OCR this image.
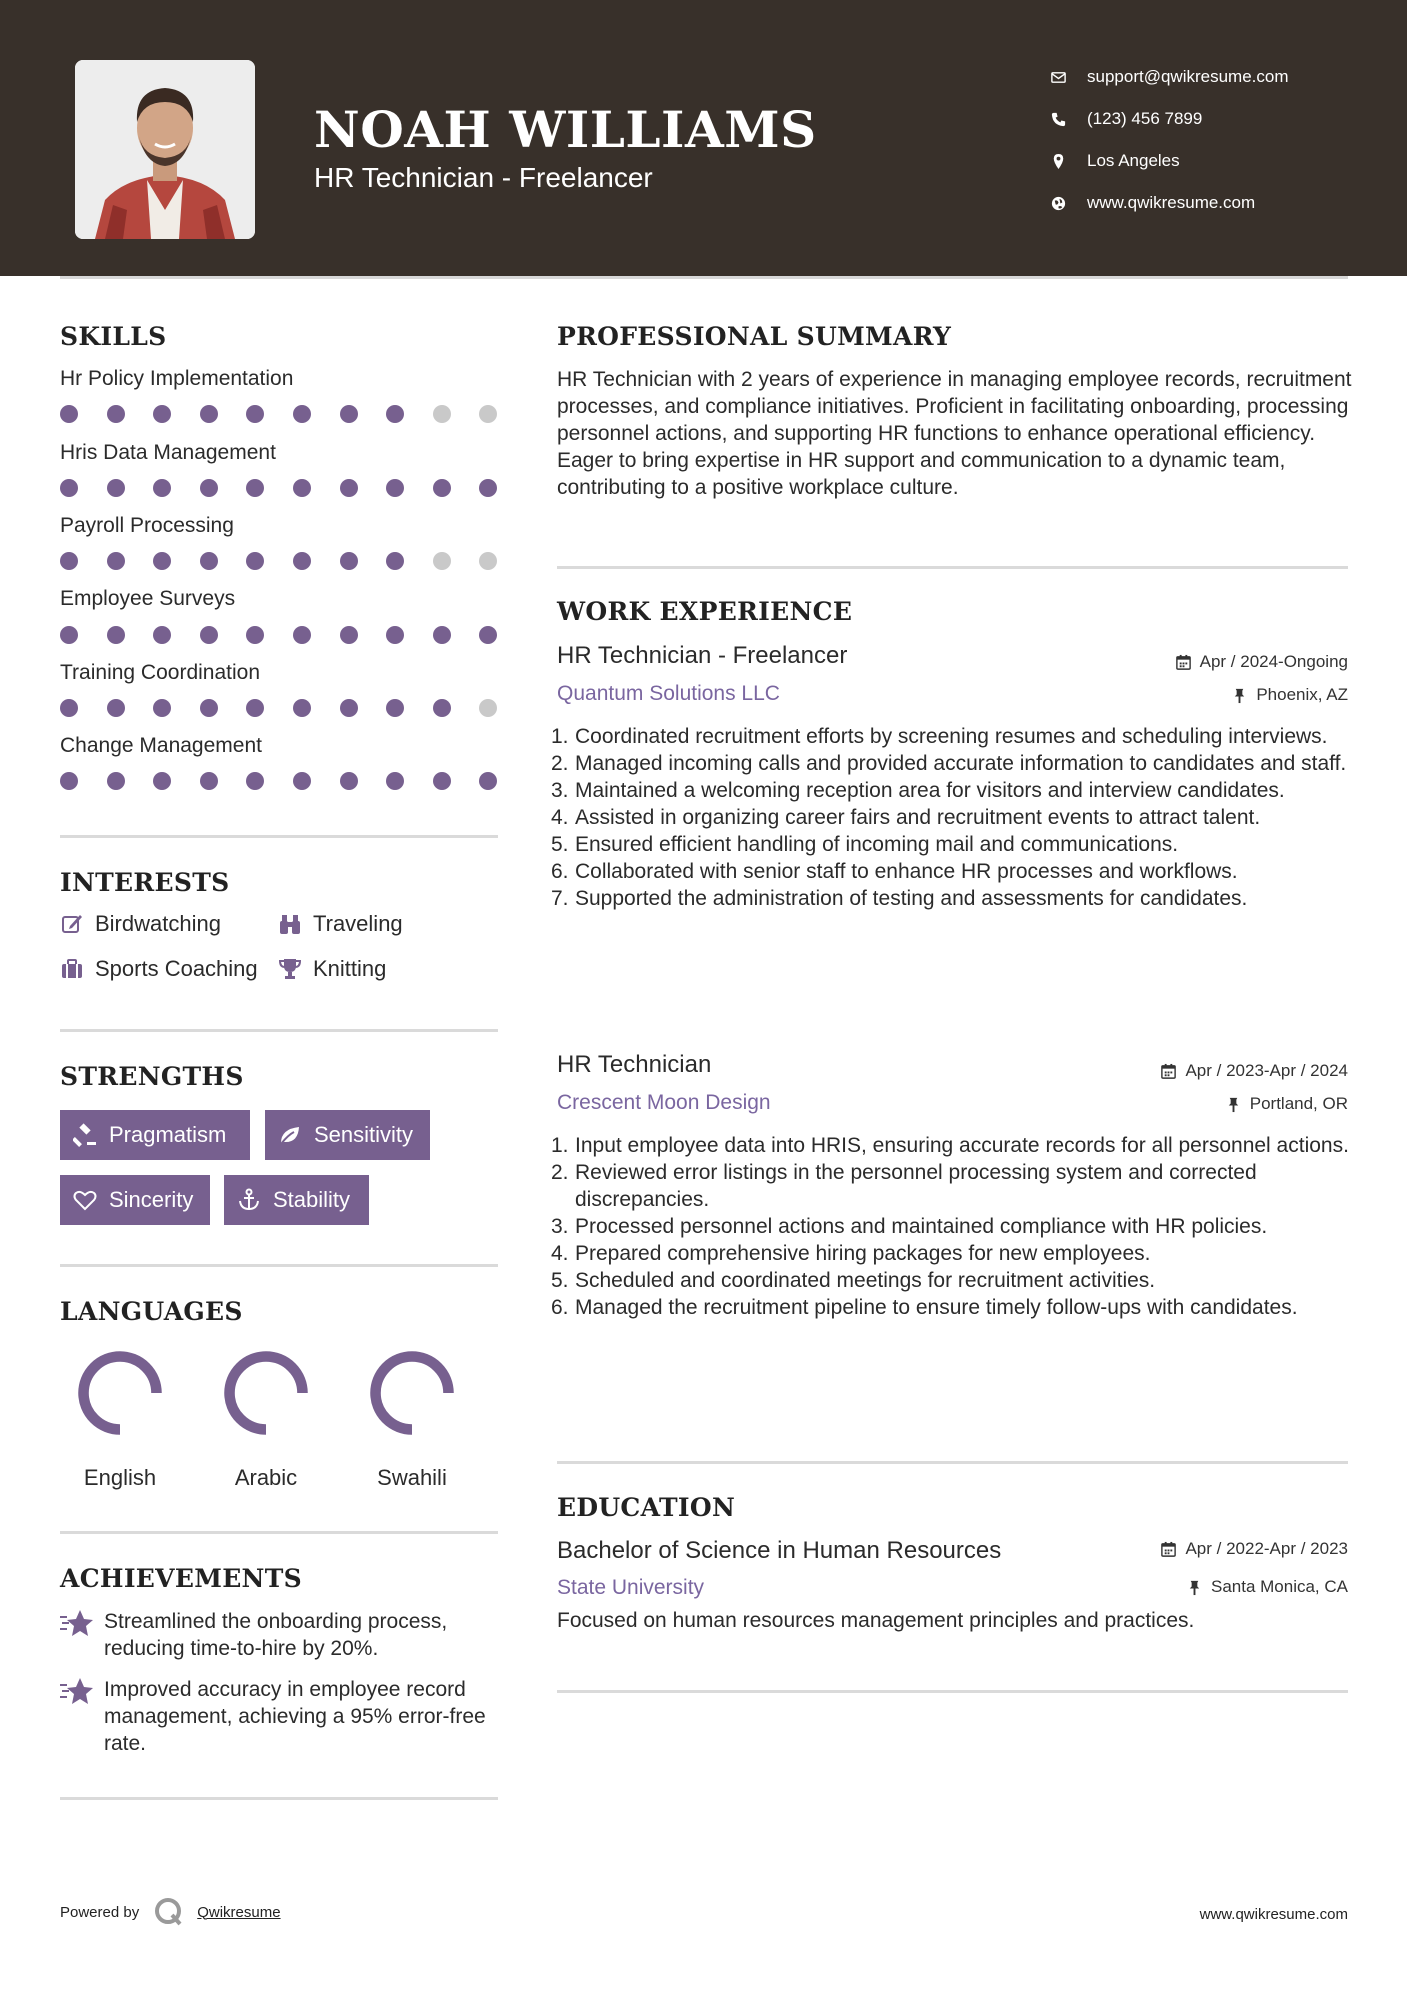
NOAH WILLIAMS
HR Technician - Freelancer
support@qwikresume.com
(123) 456 7899
Los Angeles
www.qwikresume.com
SKILLS
Hr Policy Implementation
Hris Data Management
Payroll Processing
Employee Surveys
Training Coordination
Change Management
INTERESTS
Birdwatching	Traveling
Sports Coaching	Knitting
STRENGTHS
Pragmatism	Sensitivity
Sincerity	Stability
LANGUAGES
English	Arabic	Swahili
ACHIEVEMENTS
Streamlined the onboarding process, reducing time-to-hire by 20%.
Improved accuracy in employee record management, achieving a 95% error-free rate.
PROFESSIONAL SUMMARY
HR Technician with 2 years of experience in managing employee records, recruitment processes, and compliance initiatives. Proficient in facilitating onboarding, processing personnel actions, and supporting HR functions to enhance operational efficiency. Eager to bring expertise in HR support and communication to a dynamic team, contributing to a positive workplace culture.
WORK EXPERIENCE
HR Technician - Freelancer	Apr / 2024-Ongoing
Quantum Solutions LLC	Phoenix, AZ
1. Coordinated recruitment efforts by screening resumes and scheduling interviews.
2. Managed incoming calls and provided accurate information to candidates and staff.
3. Maintained a welcoming reception area for visitors and interview candidates.
4. Assisted in organizing career fairs and recruitment events to attract talent.
5. Ensured efficient handling of incoming mail and communications.
6. Collaborated with senior staff to enhance HR processes and workflows.
7. Supported the administration of testing and assessments for candidates.
HR Technician	Apr / 2023-Apr / 2024
Crescent Moon Design	Portland, OR
1. Input employee data into HRIS, ensuring accurate records for all personnel actions.
2. Reviewed error listings in the personnel processing system and corrected discrepancies.
3. Processed personnel actions and maintained compliance with HR policies.
4. Prepared comprehensive hiring packages for new employees.
5. Scheduled and coordinated meetings for recruitment activities.
6. Managed the recruitment pipeline to ensure timely follow-ups with candidates.
EDUCATION
Bachelor of Science in Human Resources	Apr / 2022-Apr / 2023
State University	Santa Monica, CA
Focused on human resources management principles and practices.
Powered by	Qwikresume	www.qwikresume.com
